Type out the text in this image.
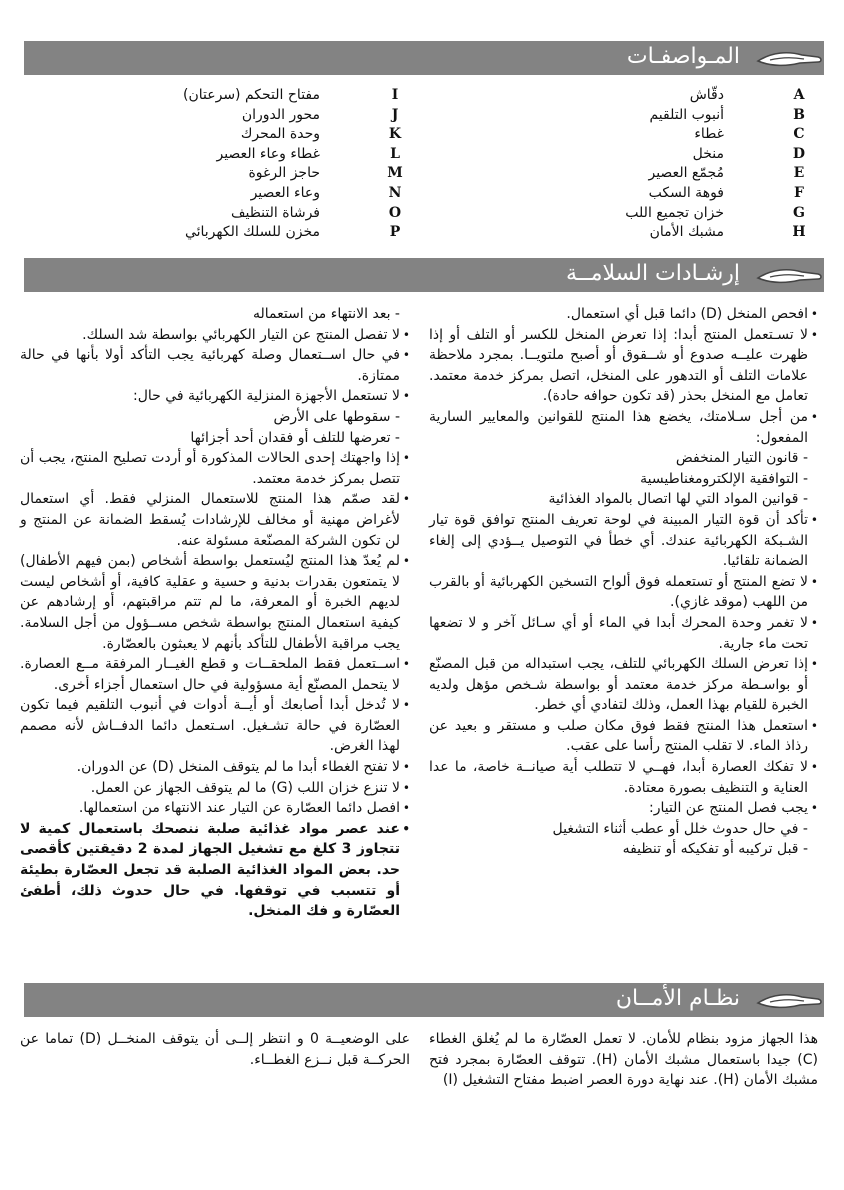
المـواصفـات
A
دقّاش
B
أنبوب التلقيم
C
غطاء
D
منخل
E
مُجمّع العصير
F
فوهة السكب
G
خزان تجميع اللب
H
مشبك الأمان
I
مفتاح التحكم (سرعتان)
J
محور الدوران
K
وحدة المحرك
L
غطاء وعاء العصير
M
حاجز الرغوة
N
وعاء العصير
O
فرشاة التنظيف
P
مخزن للسلك الكهربائي
إرشـادات السلامــة

• افحص المنخل (D) دائما قبل أي استعمال.

• لا تسـتعمل المنتج أبدا: إذا تعرض المنخل للكسر أو التلف أو إذا ظهرت عليــه صدوع أو شــقوق أو أصبح ملتويــا. بمجرد ملاحظة علامات التلف أو التدهور على المنخل، اتصل بمركز خدمة معتمد. تعامل مع المنخل بحذر (قد تكون حوافه حادة).

• من أجل سـلامتك، يخضع هذا المنتج للقوانين والمعايير السارية المفعول:

- قانون التيار المنخفض

- التوافقية الإلكترومغناطيسية

- قوانين المواد التي لها اتصال بالمواد الغذائية

• تأكد أن قوة التيار المبينة في لوحة تعريف المنتج توافق قوة تيار الشـبكة الكهربائية عندك. أي خطأ في التوصيل يــؤدي إلى إلغاء الضمانة تلقائيا.

• لا تضع المنتج أو تستعمله فوق ألواح التسخين الكهربائية أو بالقرب من اللهب (موقد غازي).

• لا تغمر وحدة المحرك أبدا في الماء أو أي سـائل آخر و لا تضعها تحت ماء جارية.

• إذا تعرض السلك الكهربائي للتلف، يجب استبداله من قبل المصنّع أو بواسـطة مركز خدمة معتمد أو بواسطة شـخص مؤهل ولديه الخبرة للقيام بهذا العمل، وذلك لتفادي أي خطر.

• استعمل هذا المنتج فقط فوق مكان صلب و مستقر و بعيد عن رذاذ الماء. لا تقلب المنتج رأسا على عقب.

• لا تفكك العصارة أبدا، فهــي لا تتطلب أية صيانــة خاصة، ما عدا العناية و التنظيف بصورة معتادة.

• يجب فصل المنتج عن التيار:

- في حال حدوث خلل أو عطب أثناء التشغيل

- قبل تركيبه أو تفكيكه أو تنظيفه

- بعد الانتهاء من استعماله

• لا تفصل المنتج عن التيار الكهربائي بواسطة شد السلك.

• في حال اســتعمال وصلة كهربائية يجب التأكد أولا بأنها في حالة ممتازة.

• لا تستعمل الأجهزة المنزلية الكهربائية في حال:

- سقوطها على الأرض

- تعرضها للتلف أو فقدان أحد أجزائها

• إذا واجهتك إحدى الحالات المذكورة أو أردت تصليح المنتج، يجب أن تتصل بمركز خدمة معتمد.

• لقد صمّم هذا المنتج للاستعمال المنزلي فقط. أي استعمال لأغراض مهنية أو مخالف للإرشادات يُسقط الضمانة عن المنتج و لن تكون الشركة المصنّعة مسئولة عنه.

• لم يُعدّ هذا المنتج ليُستعمل بواسطة أشخاص (بمن فيهم الأطفال) لا يتمتعون بقدرات بدنية و حسية و عقلية كافية، أو أشخاص ليست لديهم الخبرة أو المعرفة، ما لم تتم مراقبتهم، أو إرشادهم عن كيفية استعمال المنتج بواسطة شخص مســؤول من أجل السلامة. يجب مراقبة الأطفال للتأكد بأنهم لا يعبثون بالعصّارة.

• اســتعمل فقط الملحقــات و قطع الغيــار المرفقة مــع العصارة. لا يتحمل المصنّع أية مسؤولية في حال استعمال أجزاء أخرى.

• لا تُدخل أبدا أصابعك أو أيــة أدوات في أنبوب التلقيم فيما تكون العصّارة في حالة تشـغيل. اسـتعمل دائما الدفــاش لأنه مصمم لهذا الغرض.

• لا تفتح الغطاء أبدا ما لم يتوقف المنخل (D) عن الدوران.

• لا تنزع خزان اللب (G) ما لم يتوقف الجهاز عن العمل.

• افصل دائما العصّارة عن التيار عند الانتهاء من استعمالها.

• عند عصر مواد غذائية صلبة ننصحك باستعمال كمية لا تتجاوز 3 كلغ مع تشغيل الجهاز لمدة 2 دقيقتين كأقصى حد. بعض المواد الغذائية الصلبة قد تجعل العصّارة بطيئة أو تتسبب في توقفها. في حال حدوث ذلك، أطفئ العصّارة و فك المنخل.

نظـام الأمــان

هذا الجهاز مزود بنظام للأمان. لا تعمل العصّارة ما لم يُغلق الغطاء (C) جيدا باستعمال مشبك الأمان (H). تتوقف العصّارة بمجرد فتح مشبك الأمان (H). عند نهاية دورة العصر اضبط مفتاح التشغيل (I)

على الوضعيــة 0 و انتظر إلــى أن يتوقف المنخــل (D) تماما عن الحركــة قبل نــزع الغطــاء.
